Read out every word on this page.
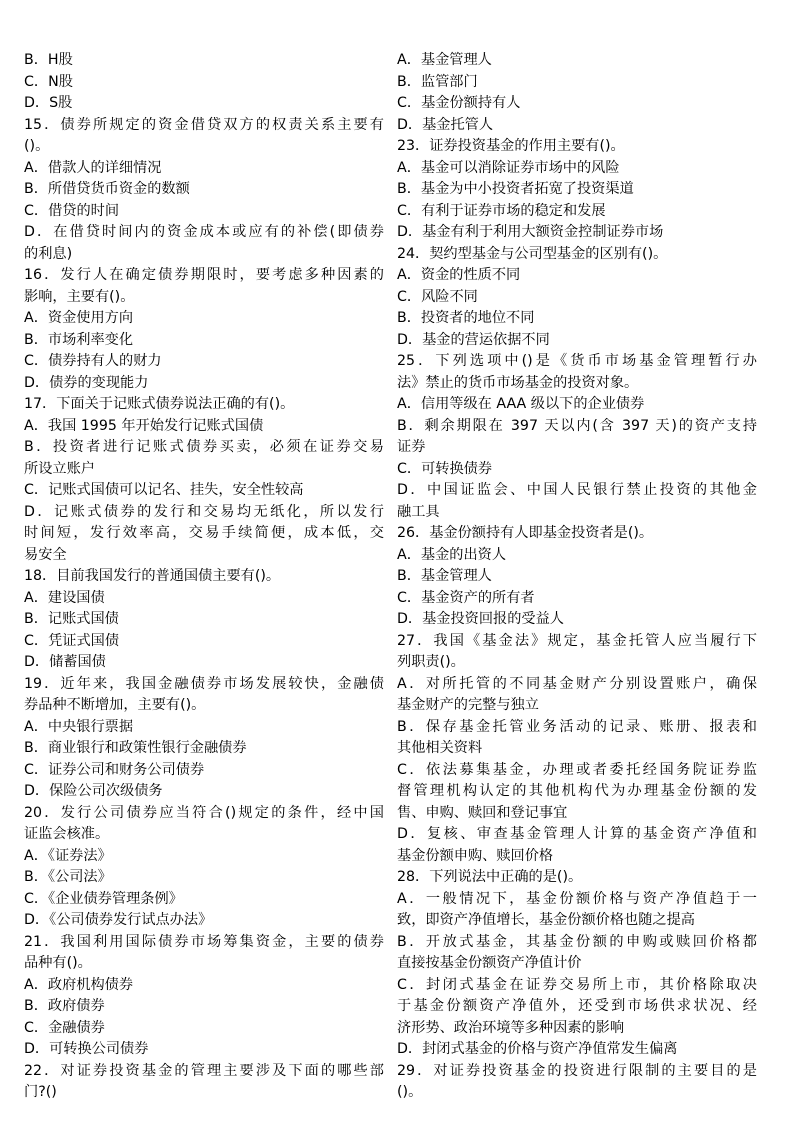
B．H股
C．N股
D．S股
15．债券所规定的资金借贷双方的权责关系主要有
()。
A．借款人的详细情况
B．所借贷货币资金的数额
C．借贷的时间
D．在借贷时间内的资金成本或应有的补偿(即债券
的利息)
16．发行人在确定债券期限时，要考虑多种因素的
影响，主要有()。
A．资金使用方向
B．市场利率变化
C．债券持有人的财力
D．债券的变现能力
17．下面关于记账式债券说法正确的有()。
A．我国 1995 年开始发行记账式国债
B．投资者进行记账式债券买卖，必须在证券交易
所设立账户
C．记账式国债可以记名、挂失，安全性较高
D．记账式债券的发行和交易均无纸化，所以发行
时间短，发行效率高，交易手续简便，成本低，交
易安全
18．目前我国发行的普通国债主要有()。
A．建设国债
B．记账式国债
C．凭证式国债
D．储蓄国债
19．近年来，我国金融债券市场发展较快，金融债
券品种不断增加，主要有()。
A．中央银行票据
B．商业银行和政策性银行金融债券
C．证券公司和财务公司债券
D．保险公司次级债务
20．发行公司债券应当符合()规定的条件，经中国
证监会核准。
A．《证券法》
B．《公司法》
C．《企业债券管理条例》
D．《公司债券发行试点办法》
21．我国利用国际债券市场筹集资金，主要的债券
品种有()。
A．政府机构债券
B．政府债券
C．金融债券
D．可转换公司债券
22．对证券投资基金的管理主要涉及下面的哪些部
门?()
A．基金管理人
B．监管部门
C．基金份额持有人
D．基金托管人
23．证券投资基金的作用主要有()。
A．基金可以消除证券市场中的风险
B．基金为中小投资者拓宽了投资渠道
C．有利于证券市场的稳定和发展
D．基金有利于利用大额资金控制证券市场
24．契约型基金与公司型基金的区别有()。
A．资金的性质不同
C．风险不同
B．投资者的地位不同
D．基金的营运依据不同
25．下列选项中()是《货币市场基金管理暂行办
法》禁止的货币市场基金的投资对象。
A．信用等级在 AAA 级以下的企业债券
B．剩余期限在 397 天以内(含 397 天)的资产支持
证券
C．可转换债券
D．中国证监会、中国人民银行禁止投资的其他金
融工具
26．基金份额持有人即基金投资者是()。
A．基金的出资人
B．基金管理人
C．基金资产的所有者
D．基金投资回报的受益人
27．我国《基金法》规定，基金托管人应当履行下
列职责()。
A．对所托管的不同基金财产分别设置账户，确保
基金财产的完整与独立
B．保存基金托管业务活动的记录、账册、报表和
其他相关资料
C．依法募集基金，办理或者委托经国务院证券监
督管理机构认定的其他机构代为办理基金份额的发
售、申购、赎回和登记事宜
D．复核、审查基金管理人计算的基金资产净值和
基金份额申购、赎回价格
28．下列说法中正确的是()。
A．一般情况下，基金份额价格与资产净值趋于一
致，即资产净值增长，基金份额价格也随之提高
B．开放式基金，其基金份额的申购或赎回价格都
直接按基金份额资产净值计价
C．封闭式基金在证券交易所上市，其价格除取决
于基金份额资产净值外，还受到市场供求状况、经
济形势、政治环境等多种因素的影响
D．封闭式基金的价格与资产净值常发生偏离
29．对证券投资基金的投资进行限制的主要目的是
()。
